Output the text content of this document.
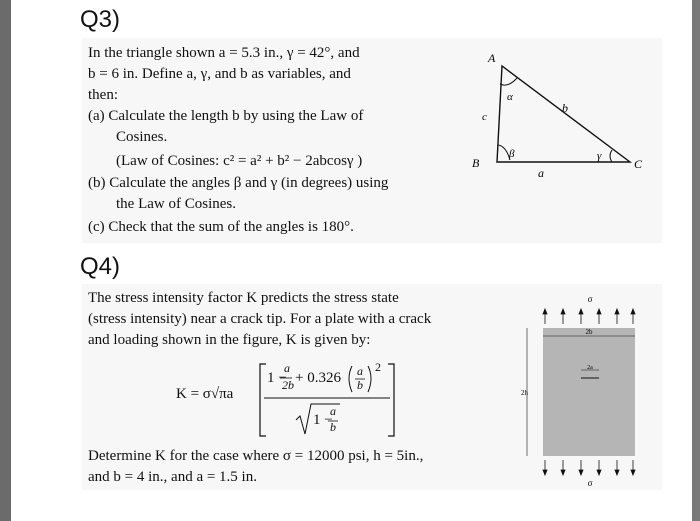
Q3)
In the triangle shown a = 5.3 in., γ = 42°, and
b = 6 in. Define a, γ, and b as variables, and
then:
(a) Calculate the length b by using the Law of
Cosines.
(Law of Cosines: c² = a² + b² − 2abcosγ )
(b) Calculate the angles β and γ (in degrees) using
the Law of Cosines.
(c) Check that the sum of the angles is 180°.
A
B	C
c
b
a
α
β	γ
Q4)
The stress intensity factor K predicts the stress state
(stress intensity) near a crack tip. For a plate with a crack
and loading shown in the figure, K is given by:
K = σ√πa
1 −
a
2b + 0.326 a
b
2
1 −
a
b
Determine K for the case where σ = 12000 psi, h = 5in.,
and b = 4 in., and a = 1.5 in.
σ
2b
2h
2a
σ
